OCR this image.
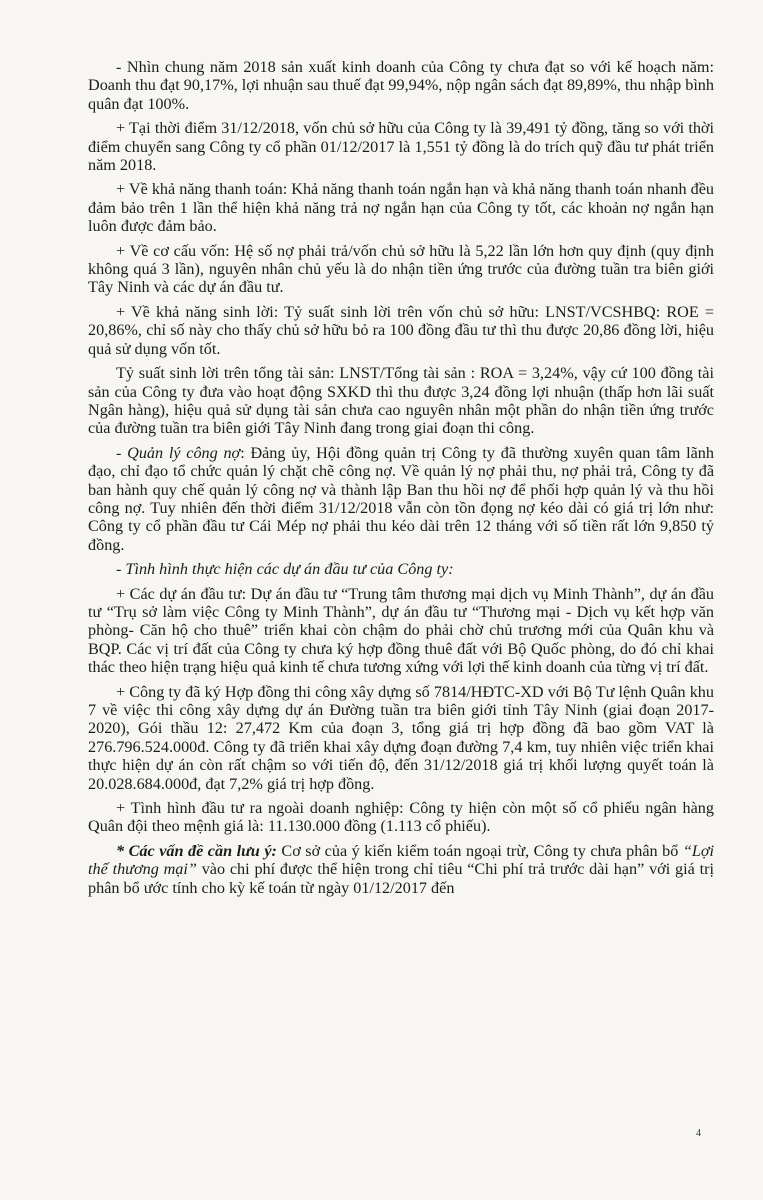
- Nhìn chung năm 2018 sản xuất kinh doanh của Công ty chưa đạt so với kế hoạch năm: Doanh thu đạt 90,17%, lợi nhuận sau thuế đạt 99,94%, nộp ngân sách đạt 89,89%, thu nhập bình quân đạt 100%.

+ Tại thời điểm 31/12/2018, vốn chủ sở hữu của Công ty là 39,491 tỷ đồng, tăng so với thời điểm chuyển sang Công ty cổ phần 01/12/2017 là 1,551 tỷ đồng là do trích quỹ đầu tư phát triển năm 2018.

+ Về khả năng thanh toán: Khả năng thanh toán ngắn hạn và khả năng thanh toán nhanh đều đảm bảo trên 1 lần thể hiện khả năng trả nợ ngắn hạn của Công ty tốt, các khoản nợ ngắn hạn luôn được đảm bảo.

+ Về cơ cấu vốn: Hệ số nợ phải trả/vốn chủ sở hữu là 5,22 lần lớn hơn quy định (quy định không quá 3 lần), nguyên nhân chủ yếu là do nhận tiền ứng trước của đường tuần tra biên giới Tây Ninh và các dự án đầu tư.

+ Về khả năng sinh lời: Tỷ suất sinh lời trên vốn chủ sở hữu: LNST/VCSHBQ: ROE = 20,86%, chỉ số này cho thấy chủ sở hữu bỏ ra 100 đồng đầu tư thì thu được 20,86 đồng lời, hiệu quả sử dụng vốn tốt.

Tỷ suất sinh lời trên tổng tài sản: LNST/Tổng tài sản : ROA = 3,24%, vậy cứ 100 đồng tài sản của Công ty đưa vào hoạt động SXKD thì thu được 3,24 đồng lợi nhuận (thấp hơn lãi suất Ngân hàng), hiệu quả sử dụng tài sản chưa cao nguyên nhân một phần do nhận tiền ứng trước của đường tuần tra biên giới Tây Ninh đang trong giai đoạn thi công.

- Quản lý công nợ: Đảng ủy, Hội đồng quản trị Công ty đã thường xuyên quan tâm lãnh đạo, chỉ đạo tổ chức quản lý chặt chẽ công nợ. Về quản lý nợ phải thu, nợ phải trả, Công ty đã ban hành quy chế quản lý công nợ và thành lập Ban thu hồi nợ để phối hợp quản lý và thu hồi công nợ. Tuy nhiên đến thời điểm 31/12/2018 vẫn còn tồn đọng nợ kéo dài có giá trị lớn như: Công ty cổ phần đầu tư Cái Mép nợ phải thu kéo dài trên 12 tháng với số tiền rất lớn 9,850 tỷ đồng.

- Tình hình thực hiện các dự án đầu tư của Công ty:

+ Các dự án đầu tư: Dự án đầu tư “Trung tâm thương mại dịch vụ Minh Thành”, dự án đầu tư “Trụ sở làm việc Công ty Minh Thành”, dự án đầu tư “Thương mại - Dịch vụ kết hợp văn phòng- Căn hộ cho thuê” triển khai còn chậm do phải chờ chủ trương mới của Quân khu và BQP. Các vị trí đất của Công ty chưa ký hợp đồng thuê đất với Bộ Quốc phòng, do đó chỉ khai thác theo hiện trạng hiệu quả kinh tế chưa tương xứng với lợi thế kinh doanh của từng vị trí đất.

+ Công ty đã ký Hợp đồng thi công xây dựng số 7814/HĐTC-XD với Bộ Tư lệnh Quân khu 7 về việc thi công xây dựng dự án Đường tuần tra biên giới tỉnh Tây Ninh (giai đoạn 2017-2020), Gói thầu 12: 27,472 Km của đoạn 3, tổng giá trị hợp đồng đã bao gồm VAT là 276.796.524.000đ. Công ty đã triển khai xây dựng đoạn đường 7,4 km, tuy nhiên việc triển khai thực hiện dự án còn rất chậm so với tiến độ, đến 31/12/2018 giá trị khối lượng quyết toán là 20.028.684.000đ, đạt 7,2% giá trị hợp đồng.

+ Tình hình đầu tư ra ngoài doanh nghiệp: Công ty hiện còn một số cổ phiếu ngân hàng Quân đội theo mệnh giá là: 11.130.000 đồng (1.113 cổ phiếu).

* Các vấn đề cần lưu ý: Cơ sở của ý kiến kiểm toán ngoại trừ, Công ty chưa phân bổ “Lợi thế thương mại” vào chi phí được thể hiện trong chỉ tiêu “Chi phí trả trước dài hạn” với giá trị phân bổ ước tính cho kỳ kế toán từ ngày 01/12/2017 đến

4
